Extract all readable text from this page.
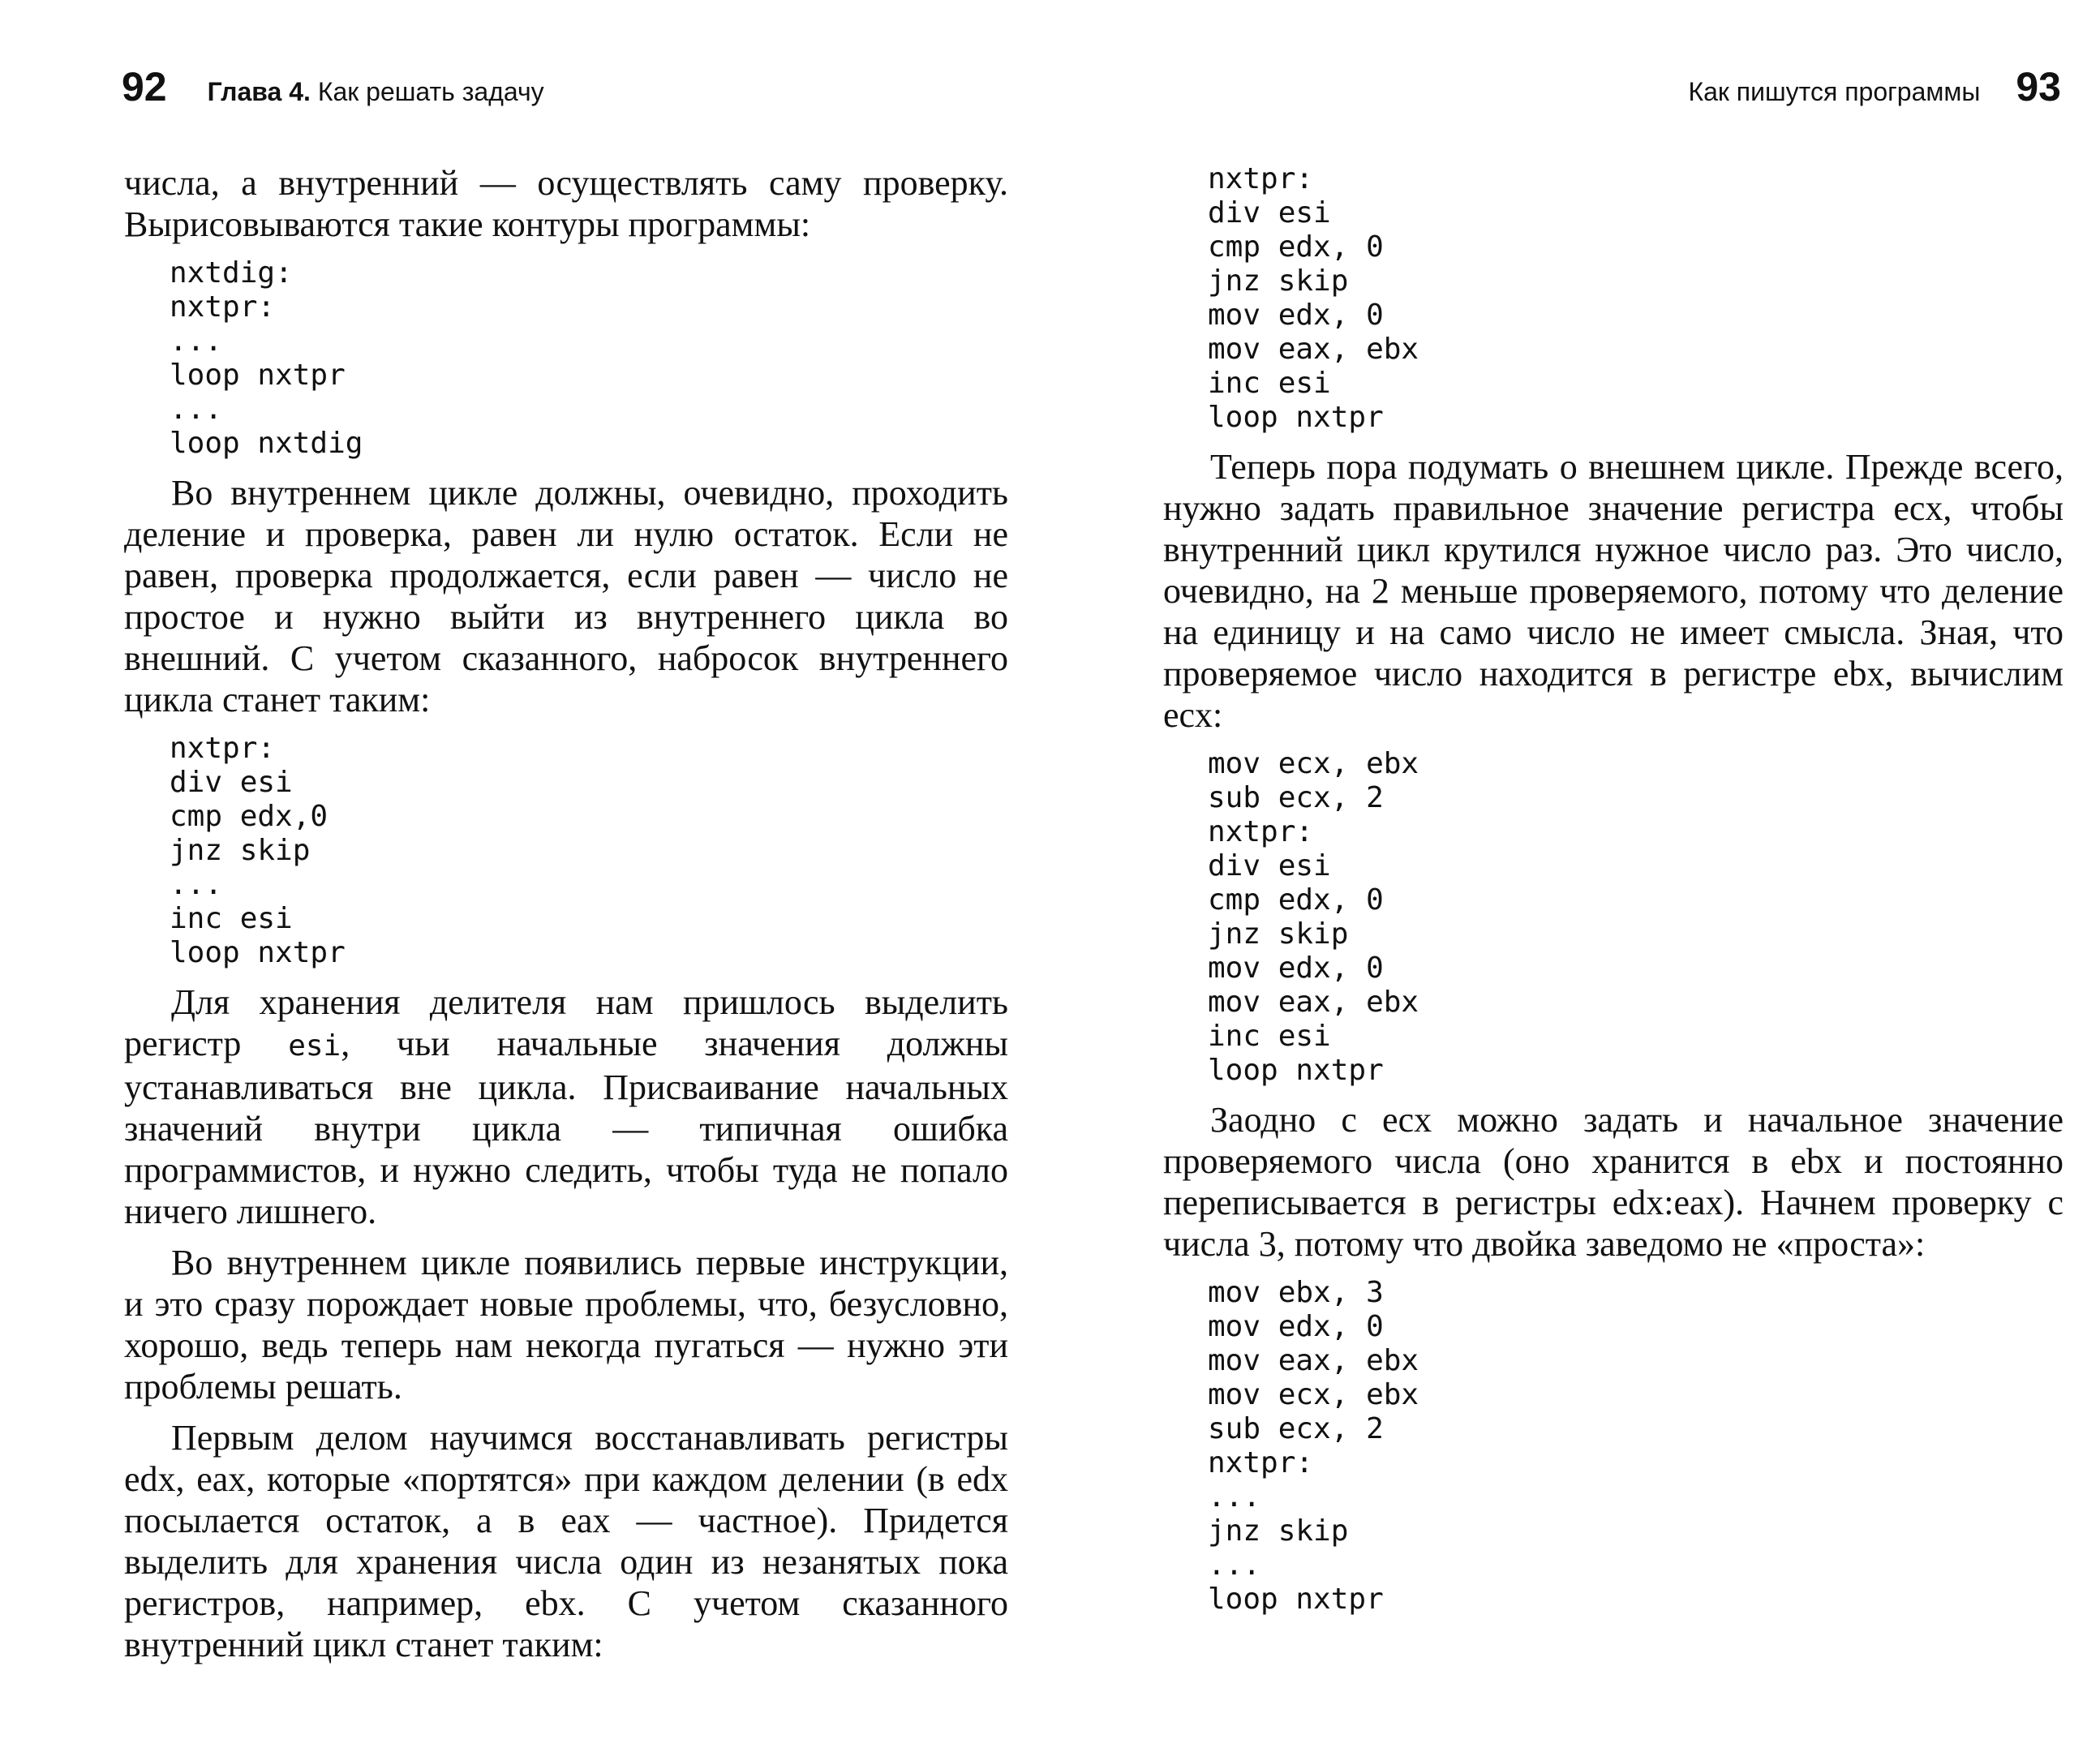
92 Глава 4. Как решать задачу

числа, а внутренний — осуществлять саму проверку. Вырисовываются такие контуры программы:

nxtdig:
nxtpr:
...
loop nxtpr
...
loop nxtdig

Во внутреннем цикле должны, очевидно, проходить деление и проверка, равен ли нулю остаток. Если не равен, проверка продолжается, если равен — число не простое и нужно выйти из внутреннего цикла во внешний. С учетом сказанного, набросок внутреннего цикла станет таким:

nxtpr:
div esi
cmp edx,0
jnz skip
...
inc esi
loop nxtpr

Для хранения делителя нам пришлось выделить регистр esi, чьи начальные значения должны устанавливаться вне цикла. Присваивание начальных значений внутри цикла — типичная ошибка программистов, и нужно следить, чтобы туда не попало ничего лишнего.

Во внутреннем цикле появились первые инструкции, и это сразу порождает новые проблемы, что, безусловно, хорошо, ведь теперь нам некогда пугаться — нужно эти проблемы решать.

Первым делом научимся восстанавливать регистры edx, eax, которые «портятся» при каждом делении (в edx посылается остаток, а в eax — частное). Придется выделить для хранения числа один из незанятых пока регистров, например, ebx. С учетом сказанного внутренний цикл станет таким:

Как пишутся программы 93
nxtpr:
div esi
cmp edx, 0
jnz skip
mov edx, 0
mov eax, ebx
inc esi
loop nxtpr

Теперь пора подумать о внешнем цикле. Прежде всего, нужно задать правильное значение регистра ecx, чтобы внутренний цикл крутился нужное число раз. Это число, очевидно, на 2 меньше проверяемого, потому что деление на единицу и на само число не имеет смысла. Зная, что проверяемое число находится в регистре ebx, вычислим ecx:

mov ecx, ebx
sub ecx, 2
nxtpr:
div esi
cmp edx, 0
jnz skip
mov edx, 0
mov eax, ebx
inc esi
loop nxtpr

Заодно с ecx можно задать и начальное значение проверяемого числа (оно хранится в ebx и постоянно переписывается в регистры edx:eax). Начнем проверку с числа 3, потому что двойка заведомо не «проста»:

mov ebx, 3
mov edx, 0
mov eax, ebx
mov ecx, ebx
sub ecx, 2
nxtpr:
...
jnz skip
...
loop nxtpr
